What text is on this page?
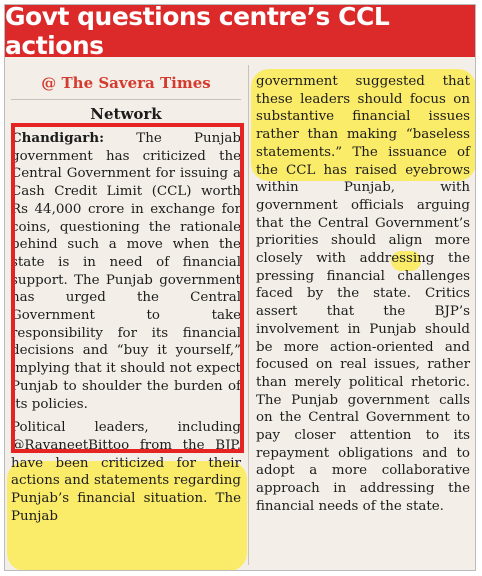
Govt questions centre’s CCL actions
@ The Savera Times
Network

Chandigarh: The Punjab government has criticized the Central Government for issuing a Cash Credit Limit (CCL) worth Rs 44,000 crore in exchange for coins, questioning the rationale behind such a move when the state is in need of financial support. The Punjab government has urged the Central Government to take responsibility for its financial decisions and “buy it yourself,” implying that it should not expect Punjab to shoulder the burden of its policies.

Political leaders, including @RavaneetBittoo from the BJP, have been criticized for their actions and statements regarding Punjab’s financial situation. The Punjab

government suggested that these leaders should focus on substantive financial issues rather than making “baseless statements.” The issuance of the CCL has raised eyebrows within Punjab, with government officials arguing that the Central Government’s priorities should align more closely with addressing the pressing financial challenges faced by the state. Critics assert that the BJP’s involvement in Punjab should be more action-oriented and focused on real issues, rather than merely political rhetoric. The Punjab government calls on the Central Government to pay closer attention to its repayment obligations and to adopt a more collaborative approach in addressing the financial needs of the state.
